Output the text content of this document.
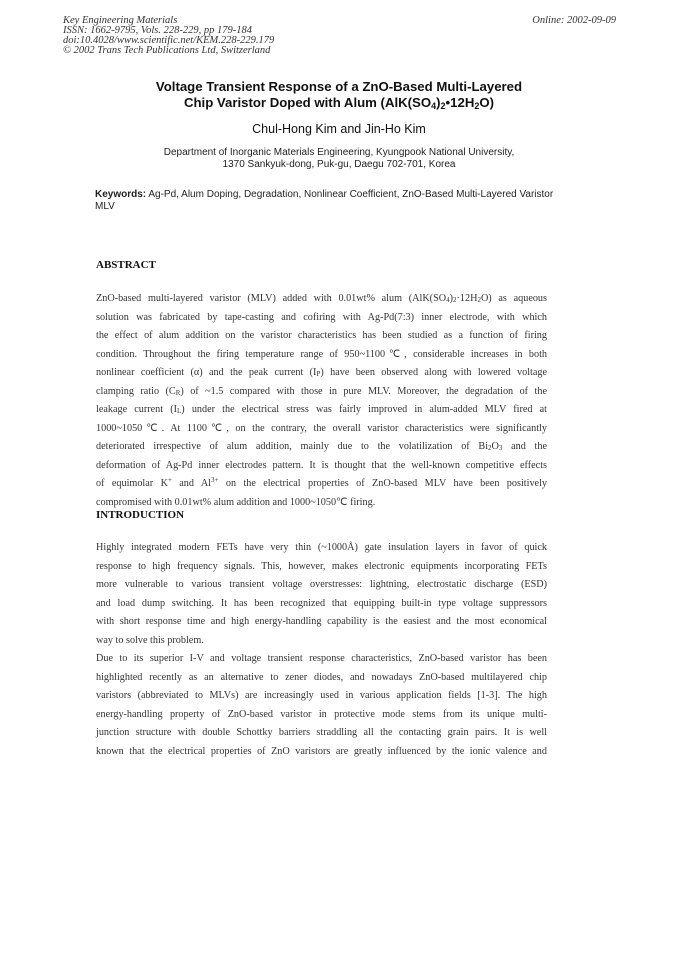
Key Engineering Materials
ISSN: 1662-9795, Vols. 228-229, pp 179-184
doi:10.4028/www.scientific.net/KEM.228-229.179
© 2002 Trans Tech Publications Ltd, Switzerland
Online: 2002-09-09
Voltage Transient Response of a ZnO-Based Multi-Layered
Chip Varistor Doped with Alum $(AlK(SO_4)_2•12H_2O)$
Chul-Hong Kim and Jin-Ho Kim
Department of Inorganic Materials Engineering, Kyungpook National University,
1370 Sankyuk-dong, Puk-gu, Daegu 702-701, Korea
Keywords: Ag-Pd, Alum Doping, Degradation, Nonlinear Coefficient, ZnO-Based Multi-Layered Varistor MLV
ABSTRACT
ZnO-based multi-layered varistor (MLV) added with 0.01wt% alum $(AlK(SO_4)_2\cdot 12H_2O)$ as aqueous
solution was fabricated by tape-casting and cofiring with Ag-Pd(7:3) inner electrode, with which
the effect of alum addition on the varistor characteristics has been studied as a function of firing
condition. Throughout the firing temperature range of 950~1100℃, considerable increases in both
nonlinear coefficient (α) and the peak current $(I_P)$ have been observed along with lowered voltage
clamping ratio $(C_R)$ of ~1.5 compared with those in pure MLV. Moreover, the degradation of the
leakage current $(I_L)$ under the electrical stress was fairly improved in alum-added MLV fired at
1000~1050℃. At 1100℃, on the contrary, the overall varistor characteristics were significantly
deteriorated irrespective of alum addition, mainly due to the volatilization of $Bi_2O_3$ and the
deformation of Ag-Pd inner electrodes pattern. It is thought that the well-known competitive effects
of equimolar K+ and $Al^{3+}$ on the electrical properties of ZnO-based MLV have been positively
compromised with 0.01wt% alum addition and 1000~1050℃ firing.
INTRODUCTION
Highly integrated modern FETs have very thin (~1000Å) gate insulation layers in favor of quick
response to high frequency signals. This, however, makes electronic equipments incorporating FETs
more vulnerable to various transient voltage overstresses: lightning, electrostatic discharge (ESD)
and load dump switching. It has been recognized that equipping built-in type voltage suppressors
with short response time and high energy-handling capability is the easiest and the most economical
way to solve this problem.
Due to its superior I-V and voltage transient response characteristics, ZnO-based varistor has been
highlighted recently as an alternative to zener diodes, and nowadays ZnO-based multilayered chip
varistors (abbreviated to MLVs) are increasingly used in various application fields [1-3]. The high
energy-handling property of ZnO-based varistor in protective mode stems from its unique multi-
junction structure with double Schottky barriers straddling all the contacting grain pairs. It is well
known that the electrical properties of ZnO varistors are greatly influenced by the ionic valence and
